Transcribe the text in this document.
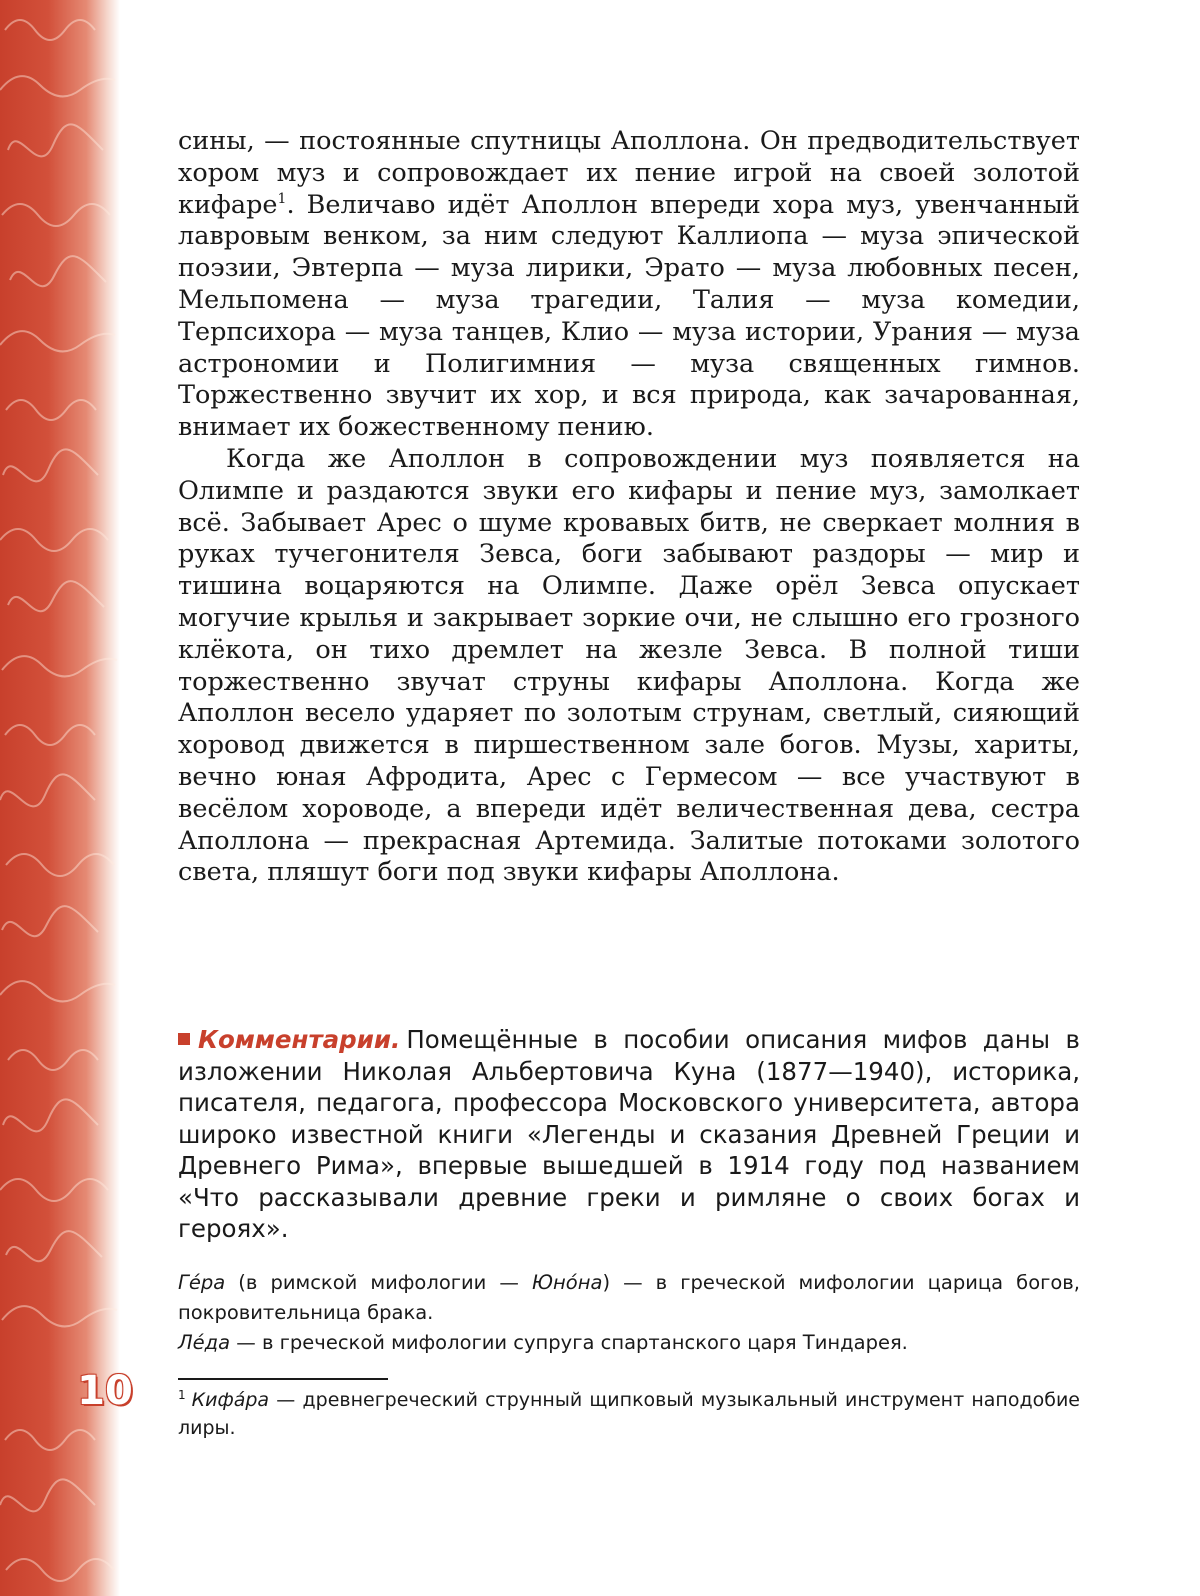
10

сины, — постоянные спутницы Аполлона. Он предводительствует хором муз и сопровождает их пение игрой на своей золотой кифаре$^1$. Величаво идёт Аполлон впереди хора муз, увенчанный лавровым венком, за ним следуют Каллиопа — муза эпической поэзии, Эвтерпа — муза лирики, Эрато — муза любовных песен, Мельпомена — муза трагедии, Талия — муза комедии, Терпсихора — муза танцев, Клио — муза истории, Урания — муза астрономии и Полигимния — муза священных гимнов. Торжественно звучит их хор, и вся природа, как зачарованная, внимает их божественному пению.

Когда же Аполлон в сопровождении муз появляется на Олимпе и раздаются звуки его кифары и пение муз, замолкает всё. Забывает Арес о шуме кровавых битв, не сверкает молния в руках тучегонителя Зевса, боги забывают раздоры — мир и тишина воцаряются на Олимпе. Даже орёл Зевса опускает могучие крылья и закрывает зоркие очи, не слышно его грозного клёкота, он тихо дремлет на жезле Зевса. В полной тиши торжественно звучат струны кифары Аполлона. Когда же Аполлон весело ударяет по золотым струнам, светлый, сияющий хоровод движется в пиршественном зале богов. Музы, хариты, вечно юная Афродита, Арес с Гермесом — все участвуют в весёлом хороводе, а впереди идёт величественная дева, сестра Аполлона — прекрасная Артемида. Залитые потоками золотого света, пляшут боги под звуки кифары Аполлона.

Комментарии. Помещённые в пособии описания мифов даны в изложении Николая Альбертовича Куна (1877—1940), историка, писателя, педагога, профессора Московского университета, автора широко известной книги «Легенды и сказания Древней Греции и Древнего Рима», впервые вышедшей в 1914 году под названием «Что рассказывали древние греки и римляне о своих богах и героях».

Ге́ра (в римской мифологии — Юно́на) — в греческой мифологии царица богов, покровительница брака.

Ле́да — в греческой мифологии супруга спартанского царя Тиндарея.

$^1$ Кифа́ра — древнегреческий струнный щипковый музыкальный инструмент наподобие лиры.
